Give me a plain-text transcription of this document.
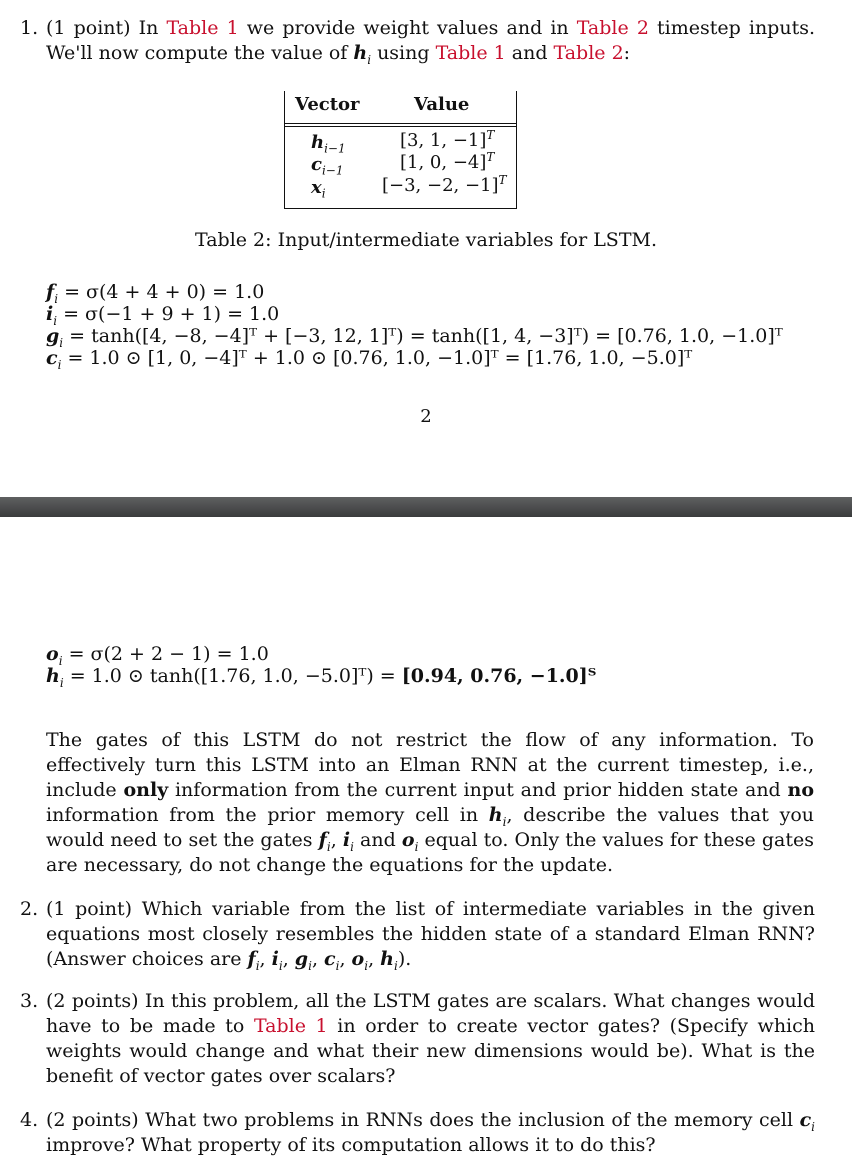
1. (1 point) In Table 1 we provide weight values and in Table 2 timestep inputs. We'll now compute the value of $h_i$ using Table 1 and Table 2:
Vector	Value
$h_{i-1}$	[3, 1, −1]$^T$
$c_{i-1}$	[1, 0, −4]$^T$
$x_i$	[−3, −2, −1]$^T$
Table 2: Input/intermediate variables for LSTM.
$f_i = \sigma(4 + 4 + 0) = 1.0$
$i_i = \sigma(-1 + 9 + 1) = 1.0$
$g_i = \tanh([4$, −8, −4]ᵀ + [−3, 12, 1]ᵀ) = tanh([1, 4, −3]ᵀ) = [0.76, 1.0, −1.0]ᵀ
$c_i = 1.0$ ⊙ [1, 0, −4]ᵀ + 1.0 ⊙ [0.76, 1.0, −1.0]ᵀ = [1.76, 1.0, −5.0]ᵀ
2
$o_i = \sigma(2 + 2 - 1) = 1.0$
$h_i = 1.0$ ⊙ tanh([1.76, 1.0, −5.0]ᵀ) = [0.94, 0.76, −1.0]ᵀ
The gates of this LSTM do not restrict the flow of any information. To effectively turn this LSTM into an Elman RNN at the current timestep, i.e., include only information from the current input and prior hidden state and no information from the prior memory cell in $h_i$, describe the values that you would need to set the gates $f_i$, $i_i$ and $o_i$ equal to. Only the values for these gates are necessary, do not change the equations for the update.
2. (1 point) Which variable from the list of intermediate variables in the given equations most closely resembles the hidden state of a standard Elman RNN? (Answer choices are $f_i$, $i_i$, $g_i$, $c_i$, $o_i$, $h_i$).
3. (2 points) In this problem, all the LSTM gates are scalars. What changes would have to be made to Table 1 in order to create vector gates? (Specify which weights would change and what their new dimensions would be). What is the benefit of vector gates over scalars?
4. (2 points) What two problems in RNNs does the inclusion of the memory cell $c_i$ improve? What property of its computation allows it to do this?
